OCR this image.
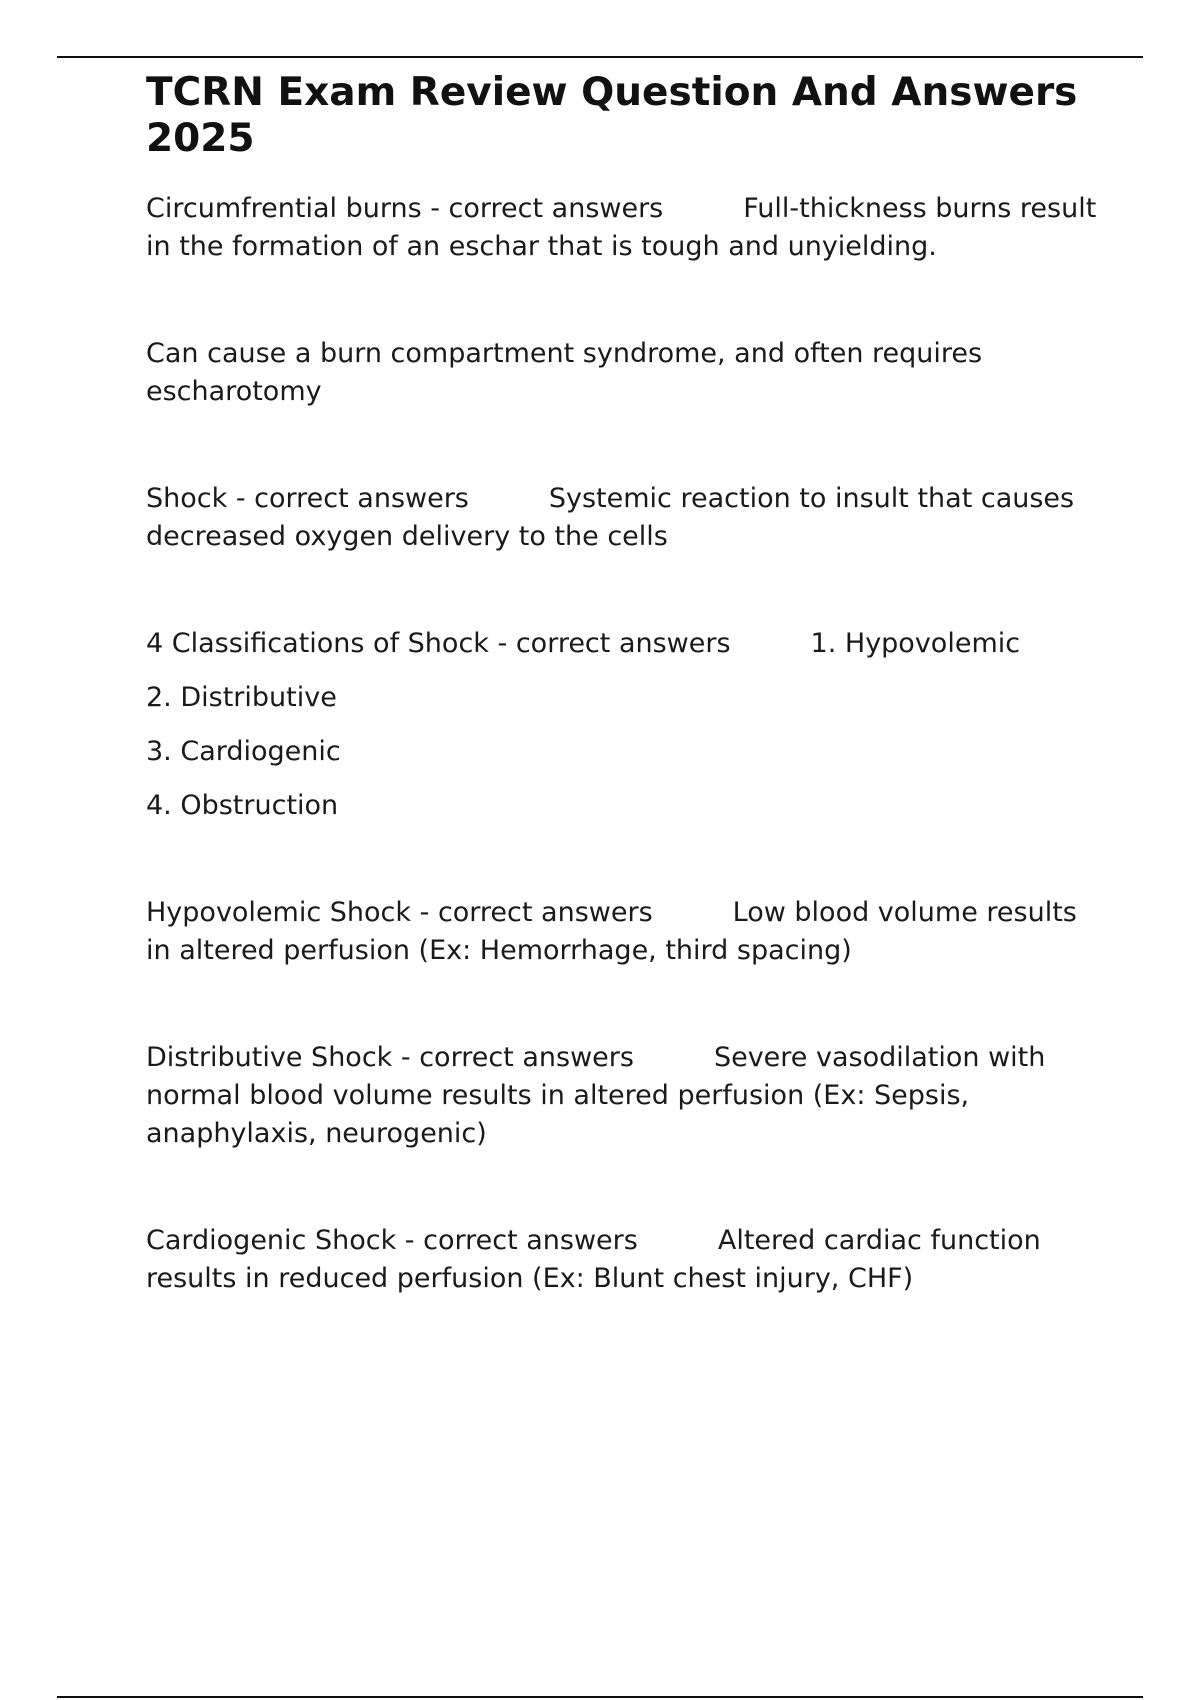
TCRN Exam Review Question And Answers 2025

Circumfrential burns - correct answers	Full-thickness burns result in the formation of an eschar that is tough and unyielding.

Can cause a burn compartment syndrome, and often requires escharotomy

Shock - correct answers	Systemic reaction to insult that causes decreased oxygen delivery to the cells

4 Classifications of Shock - correct answers	1. Hypovolemic

2. Distributive

3. Cardiogenic

4. Obstruction

Hypovolemic Shock - correct answers	Low blood volume results in altered perfusion (Ex: Hemorrhage, third spacing)

Distributive Shock - correct answers	Severe vasodilation with normal blood volume results in altered perfusion (Ex: Sepsis, anaphylaxis, neurogenic)

Cardiogenic Shock - correct answers	Altered cardiac function results in reduced perfusion (Ex: Blunt chest injury, CHF)
